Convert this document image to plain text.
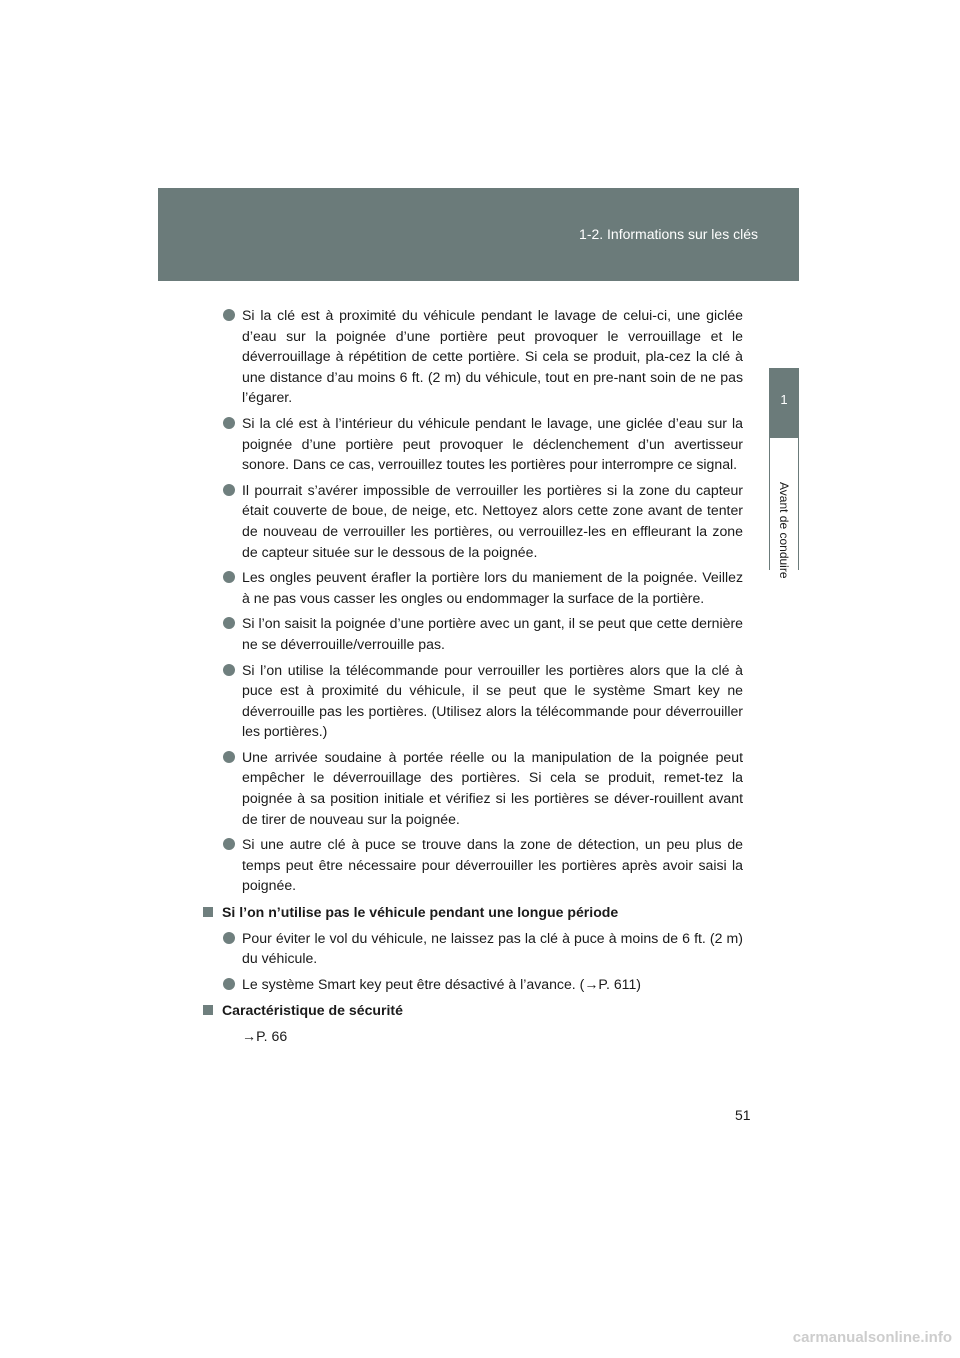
1-2. Informations sur les clés
1
Avant de conduire
Si la clé est à proximité du véhicule pendant le lavage de celui-ci, une giclée d’eau sur la poignée d’une portière peut provoquer le verrouillage et le déverrouillage à répétition de cette portière. Si cela se produit, pla-cez la clé à une distance d’au moins 6 ft. (2 m) du véhicule, tout en pre-nant soin de ne pas l’égarer.
Si la clé est à l’intérieur du véhicule pendant le lavage, une giclée d’eau sur la poignée d’une portière peut provoquer le déclenchement d’un avertisseur sonore. Dans ce cas, verrouillez toutes les portières pour interrompre ce signal.
Il pourrait s’avérer impossible de verrouiller les portières si la zone du capteur était couverte de boue, de neige, etc. Nettoyez alors cette zone avant de tenter de nouveau de verrouiller les portières, ou verrouillez-les en effleurant la zone de capteur située sur le dessous de la poignée.
Les ongles peuvent érafler la portière lors du maniement de la poignée. Veillez à ne pas vous casser les ongles ou endommager la surface de la portière.
Si l’on saisit la poignée d’une portière avec un gant, il se peut que cette dernière ne se déverrouille/verrouille pas.
Si l’on utilise la télécommande pour verrouiller les portières alors que la clé à puce est à proximité du véhicule, il se peut que le système Smart key ne déverrouille pas les portières. (Utilisez alors la télécommande pour déverrouiller les portières.)
Une arrivée soudaine à portée réelle ou la manipulation de la poignée peut empêcher le déverrouillage des portières. Si cela se produit, remet-tez la poignée à sa position initiale et vérifiez si les portières se déver-rouillent avant de tirer de nouveau sur la poignée.
Si une autre clé à puce se trouve dans la zone de détection, un peu plus de temps peut être nécessaire pour déverrouiller les portières après avoir saisi la poignée.
Si l’on n’utilise pas le véhicule pendant une longue période
Pour éviter le vol du véhicule, ne laissez pas la clé à puce à moins de 6 ft. (2 m) du véhicule.
Le système Smart key peut être désactivé à l’avance. (→P. 611)
Caractéristique de sécurité
→P. 66
51
carmanualsonline.info
